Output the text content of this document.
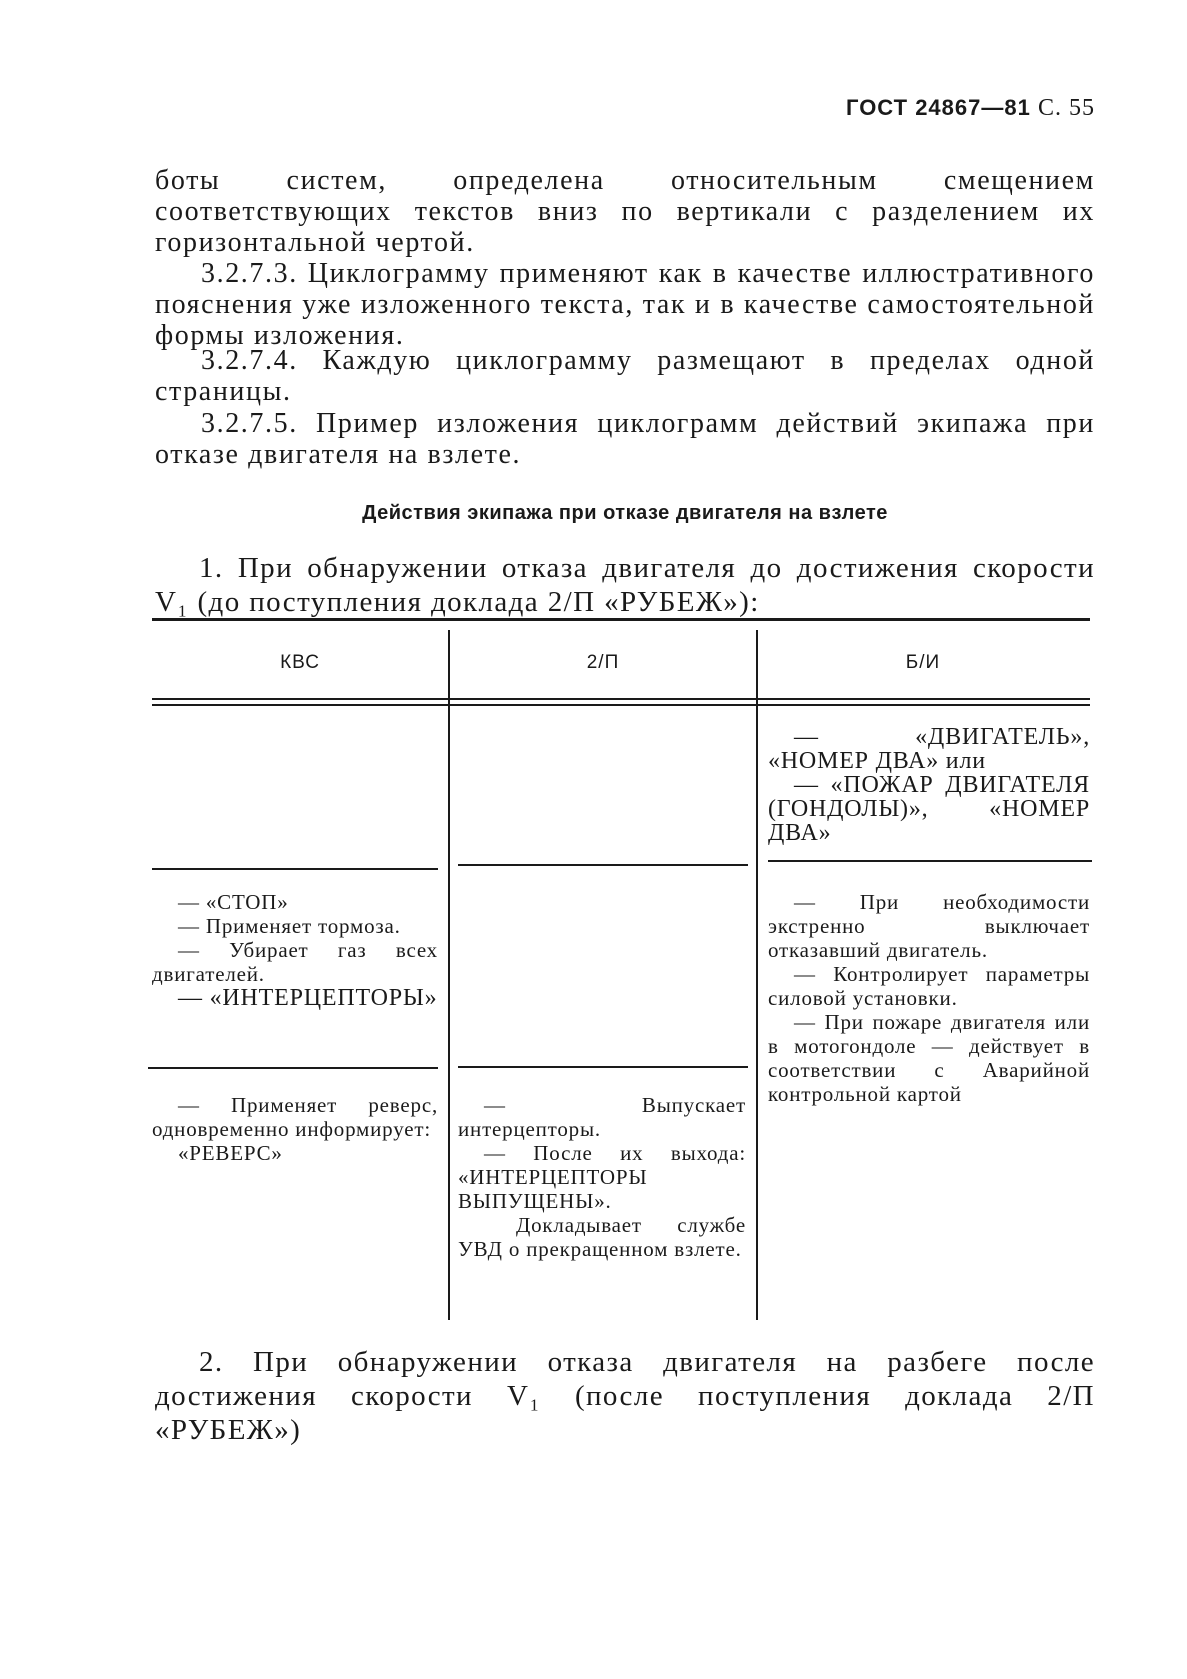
ГОСТ 24867—81 С. 55

боты систем, определена относительным смещением соответствующих текстов вниз по вертикали с разделением их горизонтальной чертой.

3.2.7.3. Циклограмму применяют как в качестве иллюстративного пояснения уже изложенного текста, так и в качестве самостоятельной формы изложения.

3.2.7.4. Каждую циклограмму размещают в пределах одной страницы.

3.2.7.5. Пример изложения циклограмм действий экипажа при отказе двигателя на взлете.

Действия экипажа при отказе двигателя на взлете

1. При обнаружении отказа двигателя до достижения скорости V₁ (до поступления доклада 2/П «РУБЕЖ»):

КВС	2/П	Б/И

— «ДВИГАТЕЛЬ», «НОМЕР ДВА» или

— «ПОЖАР ДВИГАТЕЛЯ (ГОНДОЛЫ)», «НОМЕР ДВА»

— «СТОП»

— Применяет тормоза.

— Убирает газ всех двигателей.

— «ИНТЕРЦЕПТОРЫ»

— При необходимости экстренно выключает отказавший двигатель.

— Контролирует параметры силовой установки.

— При пожаре двигателя или в мотогондоле — действует в соответствии с Аварийной контрольной картой

— Применяет реверс, одновременно информирует:

«РЕВЕРС»

— Выпускает интерцепторы.

— После их выхода: «ИНТЕРЦЕПТОРЫ ВЫПУЩЕНЫ».

Докладывает службе УВД о прекращенном взлете.

2. При обнаружении отказа двигателя на разбеге после достижения скорости V₁ (после поступления доклада 2/П «РУБЕЖ»)
